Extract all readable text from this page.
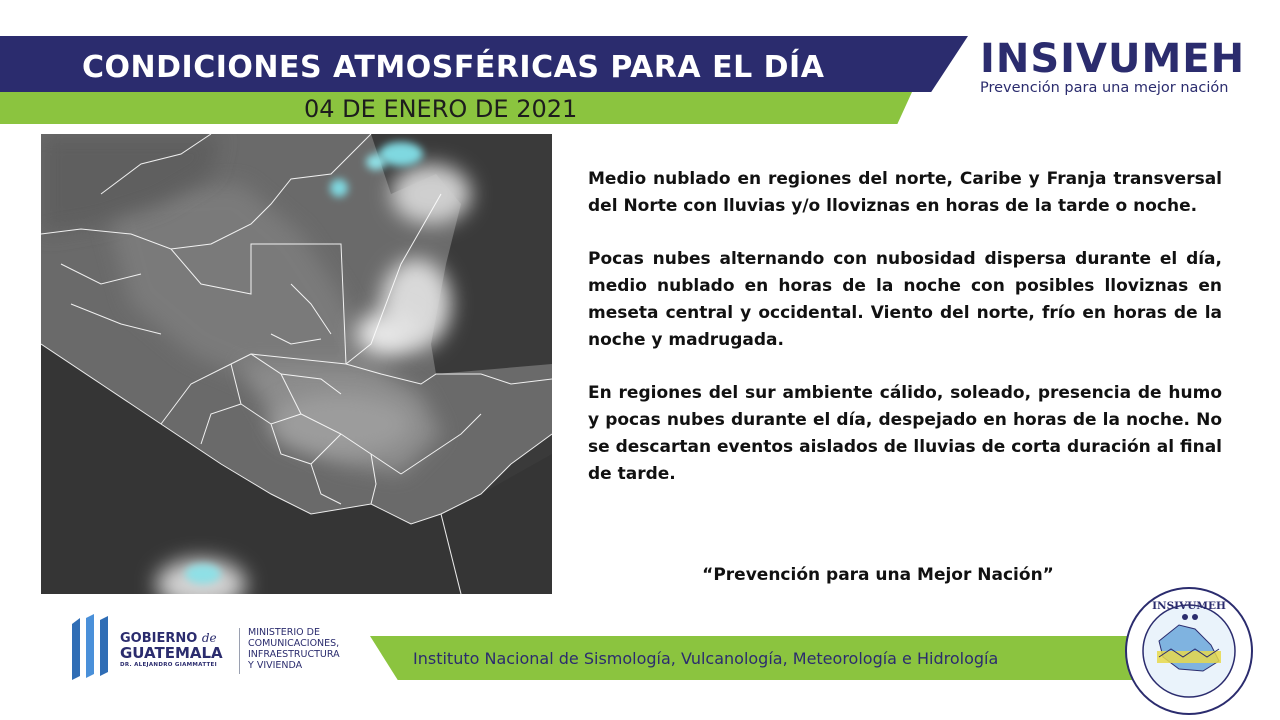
CONDICIONES ATMOSFÉRICAS PARA EL DÍA
04 DE ENERO DE 2021
INSIVUMEH
Prevención para una mejor nación

Medio nublado en regiones del norte, Caribe y Franja transversal del Norte con lluvias y/o lloviznas en horas de la tarde o noche.

Pocas nubes alternando con nubosidad dispersa durante el día, medio nublado en horas de la noche con posibles lloviznas en meseta central y occidental. Viento del norte, frío en horas de la noche y madrugada.

En regiones del sur ambiente cálido, soleado, presencia de humo y pocas nubes durante el día, despejado en horas de la noche. No se descartan eventos aislados de lluvias de corta duración al final de tarde.

“Prevención para una Mejor Nación”
GOBIERNO de
GUATEMALA
DR. ALEJANDRO GIAMMATTEI
MINISTERIO DE
COMUNICACIONES,
INFRAESTRUCTURA
Y VIVIENDA	Instituto Nacional de Sismología, Vulcanología, Meteorología e Hidrología
INSIVUMEH
